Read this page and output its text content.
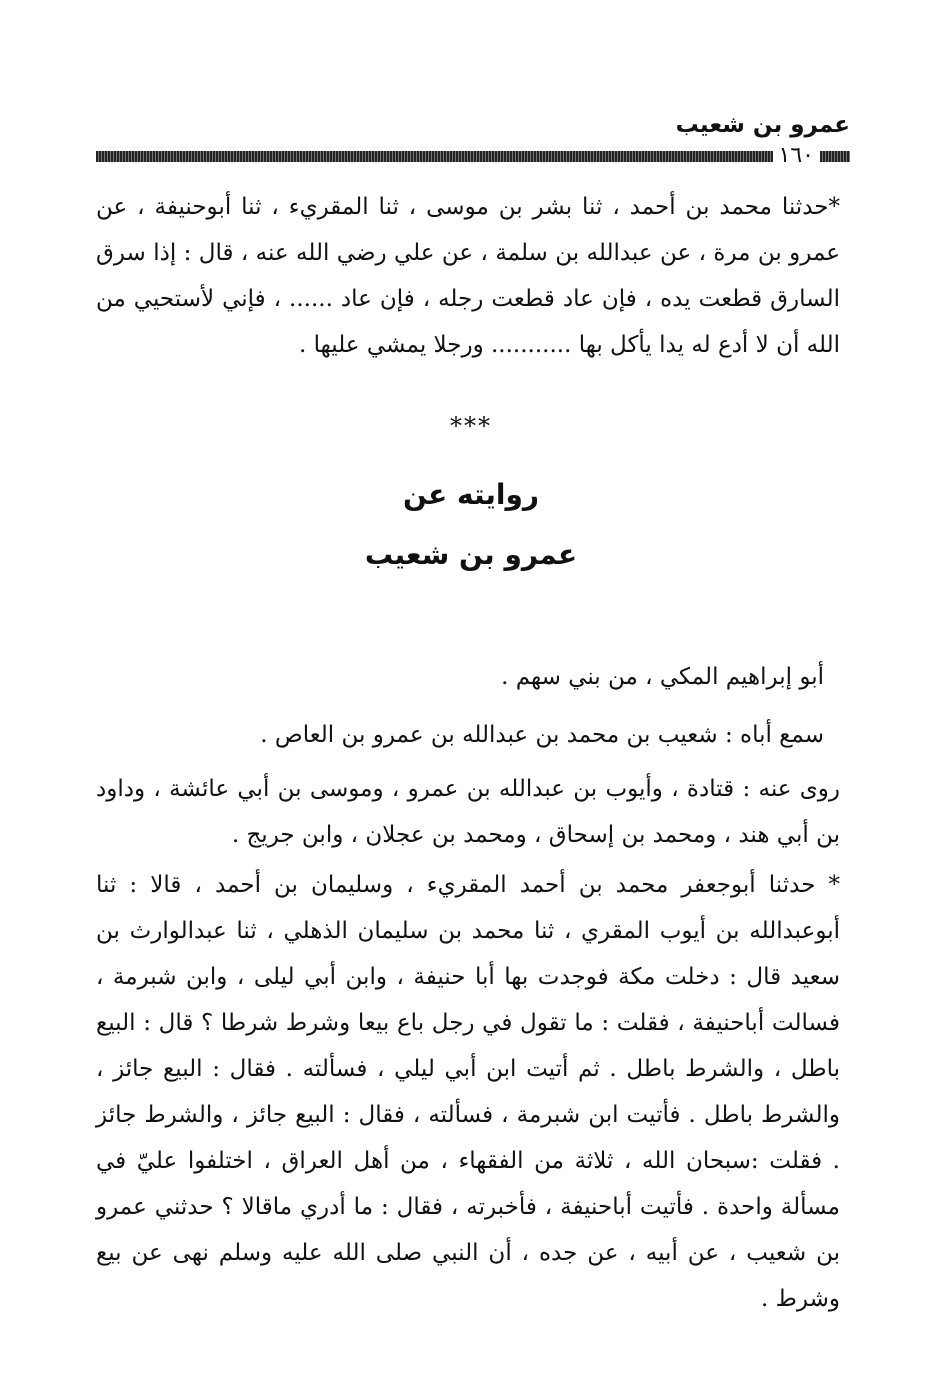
عمرو بن شعيب
١٦٠

*حدثنا محمد بن أحمد ، ثنا بشر بن موسى ، ثنا المقريء ، ثنا أبوحنيفة ، عن عمرو بن مرة ، عن عبدالله بن سلمة ، عن علي رضي الله عنه ، قال : إذا سرق السارق قطعت يده ، فإن عاد قطعت رجله ، فإن عاد ...... ، فإني لأستحيي من الله أن لا أدع له يدا يأكل بها ........... ورجلا يمشي عليها .

***
روايته عن
عمرو بن شعيب

أبو إبراهيم المكي ، من بني سهم .

سمع أباه : شعيب بن محمد بن عبدالله بن عمرو بن العاص .

روى عنه : قتادة ، وأيوب بن عبدالله بن عمرو ، وموسى بن أبي عائشة ، وداود بن أبي هند ، ومحمد بن إسحاق ، ومحمد بن عجلان ، وابن جريج .

* حدثنا أبوجعفر محمد بن أحمد المقريء ، وسليمان بن أحمد ، قالا : ثنا أبوعبدالله بن أيوب المقري ، ثنا محمد بن سليمان الذهلي ، ثنا عبدالوارث بن سعيد قال : دخلت مكة فوجدت بها أبا حنيفة ، وابن أبي ليلى ، وابن شبرمة ، فسالت أباحنيفة ، فقلت : ما تقول في رجل باع بيعا وشرط شرطا ؟ قال : البيع باطل ، والشرط باطل . ثم أتيت ابن أبي ليلي ، فسألته . فقال : البيع جائز ، والشرط باطل . فأتيت ابن شبرمة ، فسألته ، فقال : البيع جائز ، والشرط جائز . فقلت :سبحان الله ، ثلاثة من الفقهاء ، من أهل العراق ، اختلفوا عليّ في مسألة واحدة . فأتيت أباحنيفة ، فأخبرته ، فقال : ما أدري ماقالا ؟ حدثني عمرو بن شعيب ، عن أبيه ، عن جده ، أن النبي صلى الله عليه وسلم نهى عن بيع وشرط .
